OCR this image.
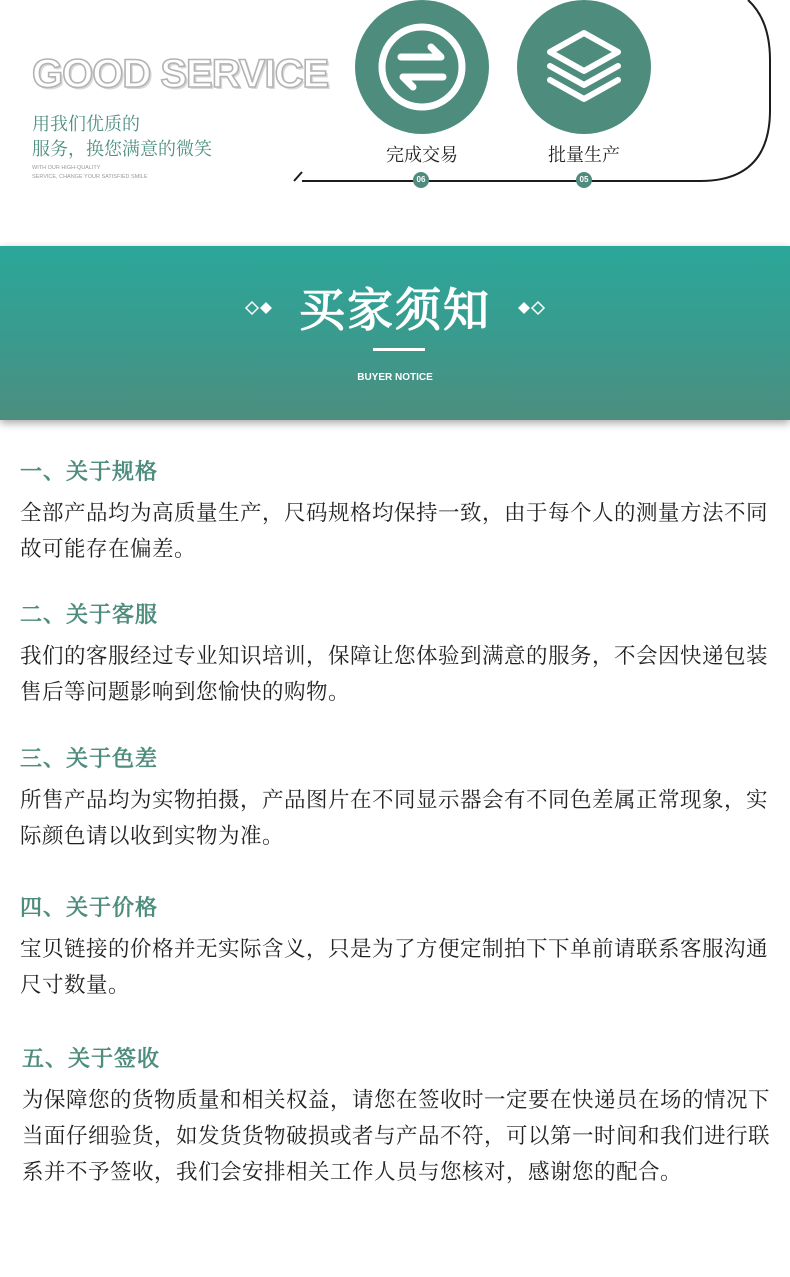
GOOD SERVICE
用我们优质的
服务，换您满意的微笑
WITH OUR HIGH-QUALITY
SERVICE, CHANGE YOUR SATISFIED SMILE
完成交易
06
批量生产
05
买家须知
BUYER NOTICE
一、关于规格

全部产品均为高质量生产，尺码规格均保持一致，由于每个人的测量方法不同故可能存在偏差。

二、关于客服

我们的客服经过专业知识培训，保障让您体验到满意的服务，不会因快递包装售后等问题影响到您愉快的购物。

三、关于色差

所售产品均为实物拍摄，产品图片在不同显示器会有不同色差属正常现象，实际颜色请以收到实物为准。

四、关于价格

宝贝链接的价格并无实际含义，只是为了方便定制拍下下单前请联系客服沟通尺寸数量。

五、关于签收

为保障您的货物质量和相关权益，请您在签收时一定要在快递员在场的情况下当面仔细验货，如发货货物破损或者与产品不符，可以第一时间和我们进行联系并不予签收，我们会安排相关工作人员与您核对，感谢您的配合。
